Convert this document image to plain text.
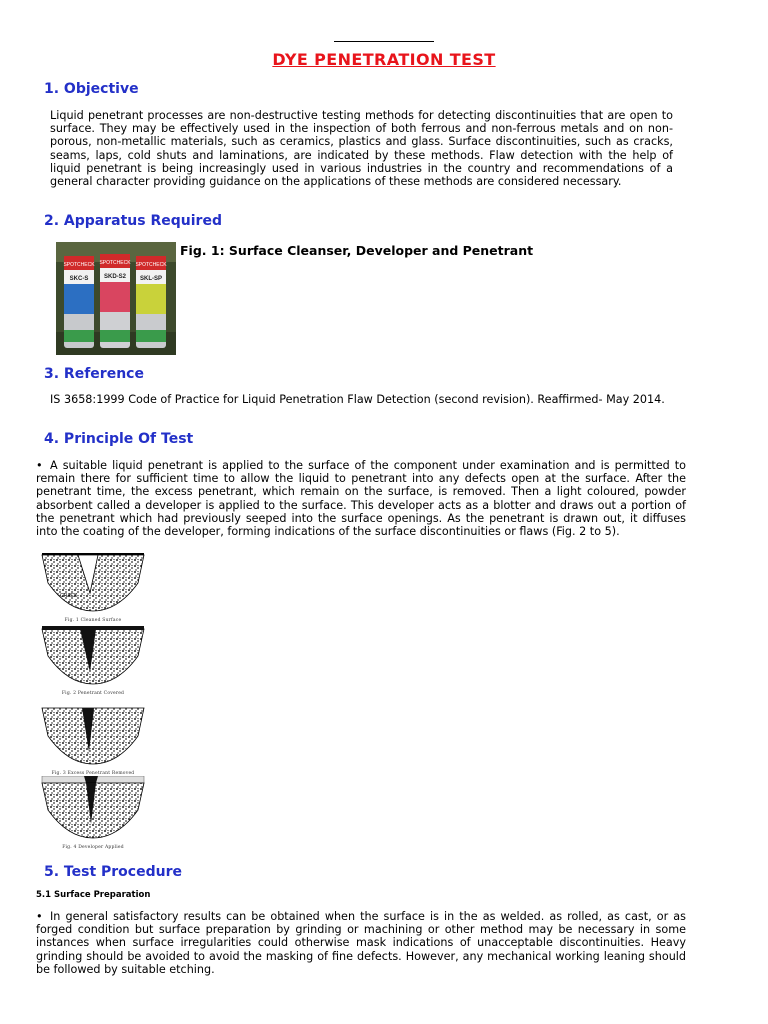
DYE PENETRATION TEST
1. Objective
Liquid penetrant processes are non-destructive testing methods for detecting discontinuities that are open to surface. They may be effectively used in the inspection of both ferrous and non-ferrous metals and on non-porous, non-metallic materials, such as ceramics, plastics and glass. Surface discontinuities, such as cracks, seams, laps, cold shuts and laminations, are indicated by these methods. Flaw detection with the help of liquid penetrant is being increasingly used in various industries in the country and recommendations of a general character providing guidance on the applications of these methods are considered necessary.
2. Apparatus Required
SPOTCHECK SPOTCHECK SPOTCHECK
SKC-S	SKD-S2 SKL-SP
Fig. 1: Surface Cleanser, Developer and Penetrant
3. Reference
IS 3658:1999 Code of Practice for Liquid Penetration Flaw Detection (second revision). Reaffirmed- May 2014.
4. Principle Of Test
• A suitable liquid penetrant is applied to the surface of the component under examination and is permitted to remain there for sufficient time to allow the liquid to penetrant into any defects open at the surface. After the penetrant time, the excess penetrant, which remain on the surface, is removed. Then a light coloured, powder absorbent called a developer is applied to the surface. This developer acts as a blotter and draws out a portion of the penetrant which had previously seeped into the surface openings. As the penetrant is drawn out, it diffuses into the coating of the developer, forming indications of the surface discontinuities or flaws (Fig. 2 to 5).
CRACK
Fig. 1 Cleaned Surface
Fig. 2 Penetrant Covered
Fig. 3 Excess Penetrant Removed
Fig. 4 Developer Applied
5. Test Procedure
5.1 Surface Preparation
• In general satisfactory results can be obtained when the surface is in the as welded. as rolled, as cast, or as forged condition but surface preparation by grinding or machining or other method may be necessary in some instances when surface irregularities could otherwise mask indications of unacceptable discontinuities. Heavy grinding should be avoided to avoid the masking of fine defects. However, any mechanical working leaning should be followed by suitable etching.
